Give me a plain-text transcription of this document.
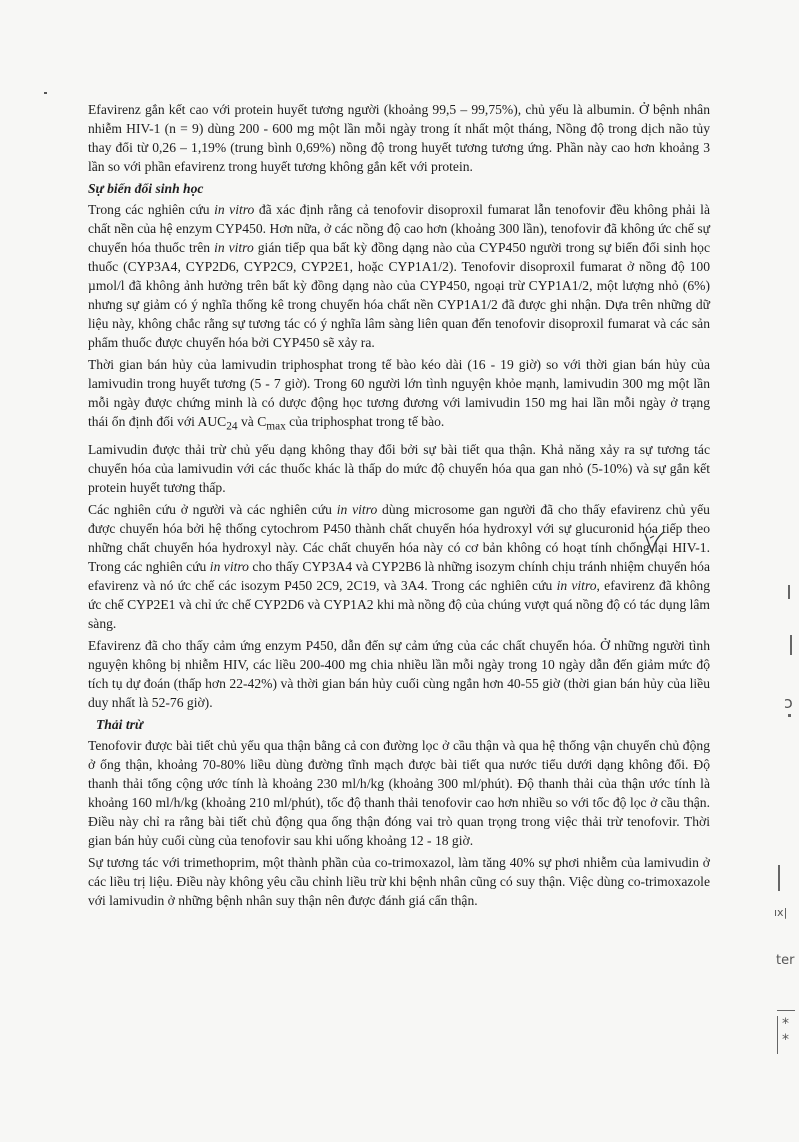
Efavirenz gắn kết cao với protein huyết tương người (khoảng 99,5 – 99,75%), chủ yếu là albumin. Ở bệnh nhân nhiễm HIV-1 (n = 9) dùng 200 - 600 mg một lần mỗi ngày trong ít nhất một tháng, Nồng độ trong dịch não tủy thay đổi từ 0,26 – 1,19% (trung bình 0,69%) nồng độ trong huyết tương tương ứng. Phần này cao hơn khoảng 3 lần so với phần efavirenz trong huyết tương không gắn kết với protein.

Sự biến đổi sinh học

Trong các nghiên cứu in vitro đã xác định rằng cả tenofovir disoproxil fumarat lẫn tenofovir đều không phải là chất nền của hệ enzym CYP450. Hơn nữa, ở các nồng độ cao hơn (khoảng 300 lần), tenofovir đã không ức chế sự chuyển hóa thuốc trên in vitro gián tiếp qua bất kỳ đồng dạng nào của CYP450 người trong sự biến đổi sinh học thuốc (CYP3A4, CYP2D6, CYP2C9, CYP2E1, hoặc CYP1A1/2). Tenofovir disoproxil fumarat ở nồng độ 100 µmol/l đã không ảnh hưởng trên bất kỳ đồng dạng nào của CYP450, ngoại trừ CYP1A1/2, một lượng nhỏ (6%) nhưng sự giảm có ý nghĩa thống kê trong chuyển hóa chất nền CYP1A1/2 đã được ghi nhận. Dựa trên những dữ liệu này, không chắc rằng sự tương tác có ý nghĩa lâm sàng liên quan đến tenofovir disoproxil fumarat và các sản phẩm thuốc được chuyển hóa bởi CYP450 sẽ xảy ra.

Thời gian bán hủy của lamivudin triphosphat trong tế bào kéo dài (16 - 19 giờ) so với thời gian bán hủy của lamivudin trong huyết tương (5 - 7 giờ). Trong 60 người lớn tình nguyện khỏe mạnh, lamivudin 300 mg một lần mỗi ngày được chứng minh là có dược động học tương đương với lamivudin 150 mg hai lần mỗi ngày ở trạng thái ổn định đối với $AUC_{24}$ và $C_{max}$ của triphosphat trong tế bào.

Lamivudin được thải trừ chủ yếu dạng không thay đổi bởi sự bài tiết qua thận. Khả năng xảy ra sự tương tác chuyển hóa của lamivudin với các thuốc khác là thấp do mức độ chuyển hóa qua gan nhỏ (5-10%) và sự gắn kết protein huyết tương thấp.

Các nghiên cứu ở người và các nghiên cứu in vitro dùng microsome gan người đã cho thấy efavirenz chủ yếu được chuyển hóa bởi hệ thống cytochrom P450 thành chất chuyển hóa hydroxyl với sự glucuronid hóa tiếp theo những chất chuyển hóa hydroxyl này. Các chất chuyển hóa này có cơ bản không có hoạt tính chống lại HIV-1. Trong các nghiên cứu in vitro cho thấy CYP3A4 và CYP2B6 là những isozym chính chịu tránh nhiệm chuyển hóa efavirenz và nó ức chế các isozym P450 2C9, 2C19, và 3A4. Trong các nghiên cứu in vitro, efavirenz đã không ức chế CYP2E1 và chỉ ức chế CYP2D6 và CYP1A2 khi mà nồng độ của chúng vượt quá nồng độ có tác dụng lâm sàng.

Efavirenz đã cho thấy cảm ứng enzym P450, dẫn đến sự cảm ứng của các chất chuyển hóa. Ở những người tình nguyện không bị nhiễm HIV, các liều 200-400 mg chia nhiều lần mỗi ngày trong 10 ngày dẫn đến giảm mức độ tích tụ dự đoán (thấp hơn 22-42%) và thời gian bán hủy cuối cùng ngắn hơn 40-55 giờ (thời gian bán hủy của liều duy nhất là 52-76 giờ).

Thải trừ

Tenofovir được bài tiết chủ yếu qua thận bằng cả con đường lọc ở cầu thận và qua hệ thống vận chuyển chủ động ở ống thận, khoảng 70-80% liều dùng đường tĩnh mạch được bài tiết qua nước tiểu dưới dạng không đổi. Độ thanh thải tổng cộng ước tính là khoảng 230 ml/h/kg (khoảng 300 ml/phút). Độ thanh thải của thận ước tính là khoảng 160 ml/h/kg (khoảng 210 ml/phút), tốc độ thanh thải tenofovir cao hơn nhiều so với tốc độ lọc ở cầu thận. Điều này chỉ ra rằng bài tiết chủ động qua ống thận đóng vai trò quan trọng trong việc thải trừ tenofovir. Thời gian bán hủy cuối cùng của tenofovir sau khi uống khoảng 12 - 18 giờ.

Sự tương tác với trimethoprim, một thành phần của co-trimoxazol, làm tăng 40% sự phơi nhiễm của lamivudin ở các liều trị liệu. Điều này không yêu cầu chỉnh liều trừ khi bệnh nhân cũng có suy thận. Việc dùng co-trimoxazole với lamivudin ở những bệnh nhân suy thận nên được đánh giá cẩn thận.

ɔ
ıx|
ter
*
*
